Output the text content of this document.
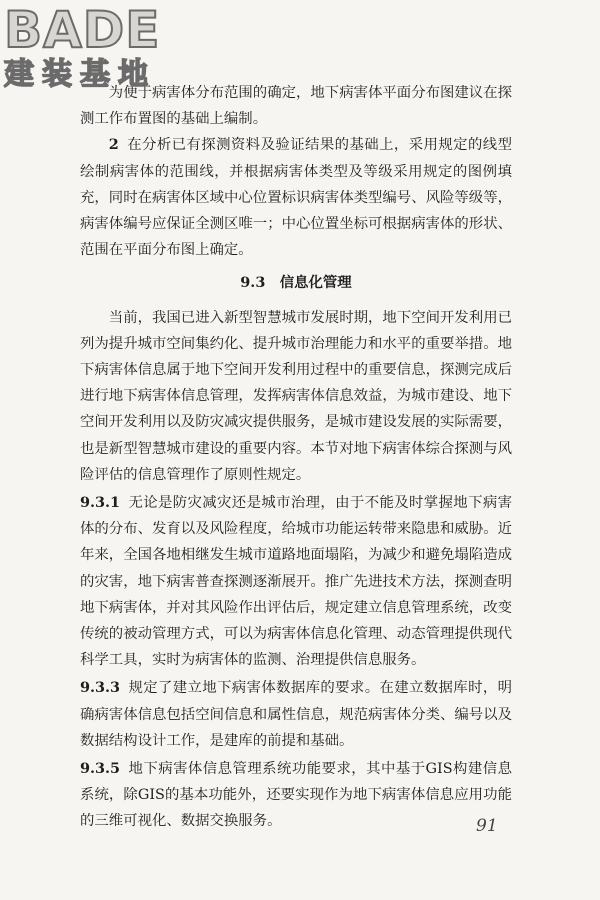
BADE
建装基地

为便于病害体分布范围的确定，地下病害体平面分布图建议在探测工作布置图的基础上编制。

2 在分析已有探测资料及验证结果的基础上，采用规定的线型绘制病害体的范围线，并根据病害体类型及等级采用规定的图例填充，同时在病害体区域中心位置标识病害体类型编号、风险等级等，病害体编号应保证全测区唯一；中心位置坐标可根据病害体的形状、范围在平面分布图上确定。

9.3　信息化管理

当前，我国已进入新型智慧城市发展时期，地下空间开发利用已列为提升城市空间集约化、提升城市治理能力和水平的重要举措。地下病害体信息属于地下空间开发利用过程中的重要信息，探测完成后进行地下病害体信息管理，发挥病害体信息效益，为城市建设、地下空间开发利用以及防灾减灾提供服务，是城市建设发展的实际需要，也是新型智慧城市建设的重要内容。本节对地下病害体综合探测与风险评估的信息管理作了原则性规定。

9.3.1 无论是防灾减灾还是城市治理，由于不能及时掌握地下病害体的分布、发育以及风险程度，给城市功能运转带来隐患和威胁。近年来，全国各地相继发生城市道路地面塌陷，为减少和避免塌陷造成的灾害，地下病害普查探测逐渐展开。推广先进技术方法，探测查明地下病害体，并对其风险作出评估后，规定建立信息管理系统，改变传统的被动管理方式，可以为病害体信息化管理、动态管理提供现代科学工具，实时为病害体的监测、治理提供信息服务。

9.3.3 规定了建立地下病害体数据库的要求。在建立数据库时，明确病害体信息包括空间信息和属性信息，规范病害体分类、编号以及数据结构设计工作，是建库的前提和基础。

9.3.5 地下病害体信息管理系统功能要求，其中基于GIS构建信息系统，除GIS的基本功能外，还要实现作为地下病害体信息应用功能的三维可视化、数据交换服务。	91
